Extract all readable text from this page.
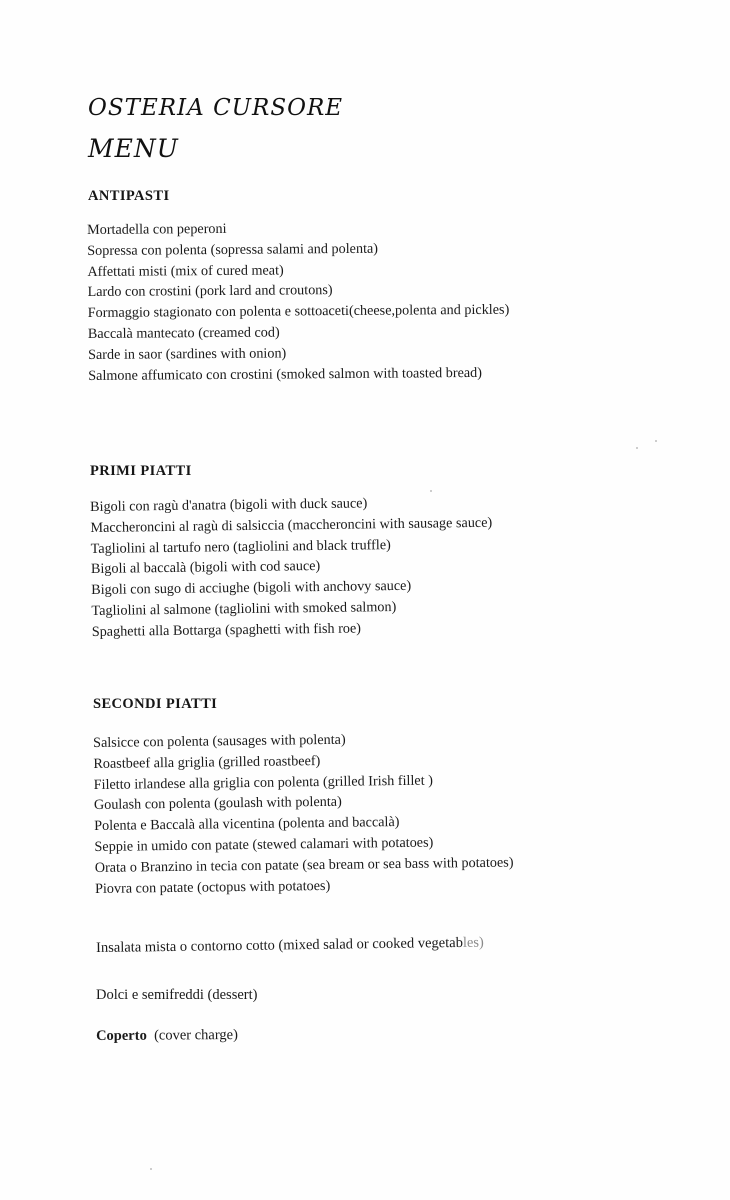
OSTERIA CURSORE
MENU
ANTIPASTI
Mortadella con peperoni
Sopressa con polenta (sopressa salami and polenta)
Affettati misti (mix of cured meat)
Lardo con crostini (pork lard and croutons)
Formaggio stagionato con polenta e sottoaceti(cheese,polenta and pickles)
Baccalà mantecato (creamed cod)
Sarde in saor (sardines with onion)
Salmone affumicato con crostini (smoked salmon with toasted bread)
PRIMI PIATTI
Bigoli con ragù d'anatra (bigoli with duck sauce)
Maccheroncini al ragù di salsiccia (maccheroncini with sausage sauce)
Tagliolini al tartufo nero (tagliolini and black truffle)
Bigoli al baccalà (bigoli with cod sauce)
Bigoli con sugo di acciughe (bigoli with anchovy sauce)
Tagliolini al salmone (tagliolini with smoked salmon)
Spaghetti alla Bottarga (spaghetti with fish roe)
SECONDI PIATTI
Salsicce con polenta (sausages with polenta)
Roastbeef alla griglia (grilled roastbeef)
Filetto irlandese alla griglia con polenta (grilled Irish fillet )
Goulash con polenta (goulash with polenta)
Polenta e Baccalà alla vicentina (polenta and baccalà)
Seppie in umido con patate (stewed calamari with potatoes)
Orata o Branzino in tecia con patate (sea bream or sea bass with potatoes)
Piovra con patate (octopus with potatoes)
Insalata mista o contorno cotto (mixed salad or cooked vegetables)
Dolci e semifreddi (dessert)
Coperto (cover charge)
